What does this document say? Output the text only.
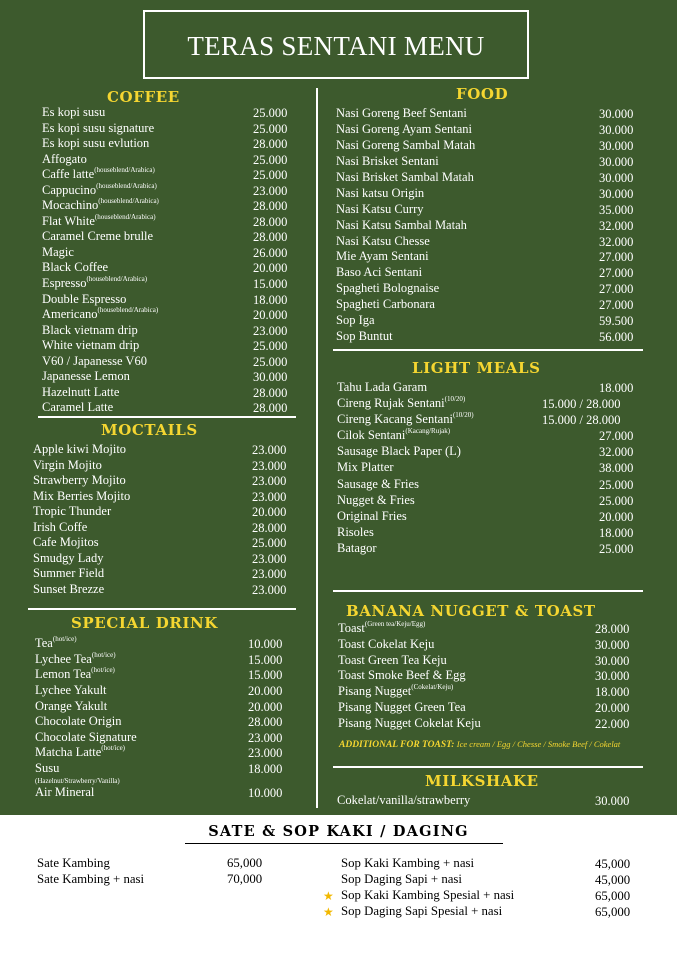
TERAS SENTANI MENU
COFFEE
MOCTAILS
SPECIAL DRINK
FOOD
LIGHT MEALS
BANANA NUGGET & TOAST
MILKSHAKE
Es kopi susu	25.000
Es kopi susu signature	25.000
Es kopi susu evlution	28.000
Affogato	25.000
Caffe latte$^{(houseblend/Arabica)}$	25.000
Cappucino$^{(houseblend/Arabica)}$	23.000
Mocachino$^{(houseblend/Arabica)}$	28.000
Flat White$^{(houseblend/Arabica)}$	28.000
Caramel Creme brulle	28.000
Magic	26.000
Black Coffee	20.000
Espresso$^{(houseblend/Arabica)}$	15.000
Double Espresso	18.000
Americano$^{(houseblend/Arabica)}$	20.000
Black vietnam drip	23.000
White vietnam drip	25.000
V60 / Japanesse V60	25.000
Japanesse Lemon	30.000
Hazelnutt Latte	28.000
Caramel Latte	28.000
Apple kiwi Mojito	23.000
Virgin Mojito	23.000
Strawberry Mojito	23.000
Mix Berries Mojito	23.000
Tropic Thunder	20.000
Irish Coffe	28.000
Cafe Mojitos	25.000
Smudgy Lady	23.000
Summer Field	23.000
Sunset Brezze	23.000
Tea$^{(hot/ice)}$	10.000
Lychee Tea$^{(hot/ice)}$	15.000
Lemon Tea$^{(hot/ice)}$	15.000
Lychee Yakult	20.000
Orange Yakult	20.000
Chocolate Origin	28.000
Chocolate Signature	23.000
Matcha Latte$^{(hot/ice)}$	23.000
Susu	18.000
(Hazelnut/Strawberry/Vanilla)
Air Mineral	10.000
Nasi Goreng Beef Sentani	30.000
Nasi Goreng Ayam Sentani	30.000
Nasi Goreng Sambal Matah	30.000
Nasi Brisket Sentani	30.000
Nasi Brisket Sambal Matah	30.000
Nasi katsu Origin	30.000
Nasi Katsu Curry	35.000
Nasi Katsu Sambal Matah	32.000
Nasi Katsu Chesse	32.000
Mie Ayam Sentani	27.000
Baso Aci Sentani	27.000
Spagheti Bolognaise	27.000
Spagheti Carbonara	27.000
Sop Iga	59.500
Sop Buntut	56.000
Tahu Lada Garam	18.000
Cireng Rujak Sentani$^{(10/20)}$	15.000 / 28.000
Cireng Kacang Sentani$^{(10/20)}$	15.000 / 28.000
Cilok Sentani$^{(Kacang/Rujak)}$	27.000
Sausage Black Paper (L)	32.000
Mix Platter	38.000
Sausage & Fries	25.000
Nugget & Fries	25.000
Original Fries	20.000
Risoles	18.000
Batagor	25.000
Toast$^{(Green tea/Keju/Egg)}$	28.000
Toast Cokelat Keju	30.000
Toast Green Tea Keju	30.000
Toast Smoke Beef & Egg	30.000
Pisang Nugget$^{(Cokelat/Keju)}$	18.000
Pisang Nugget Green Tea	20.000
Pisang Nugget Cokelat Keju	22.000
Cokelat/vanilla/strawberry	30.000
ADDITIONAL FOR TOAST: Ice cream / Egg / Chesse / Smoke Beef / Cokelat
SATE & SOP KAKI / DAGING
Sate Kambing	65,000
Sate Kambing + nasi	70,000
Sop Kaki Kambing + nasi	45,000
Sop Daging Sapi + nasi	45,000
★ Sop Kaki Kambing Spesial + nasi	65,000
★ Sop Daging Sapi Spesial + nasi	65,000
